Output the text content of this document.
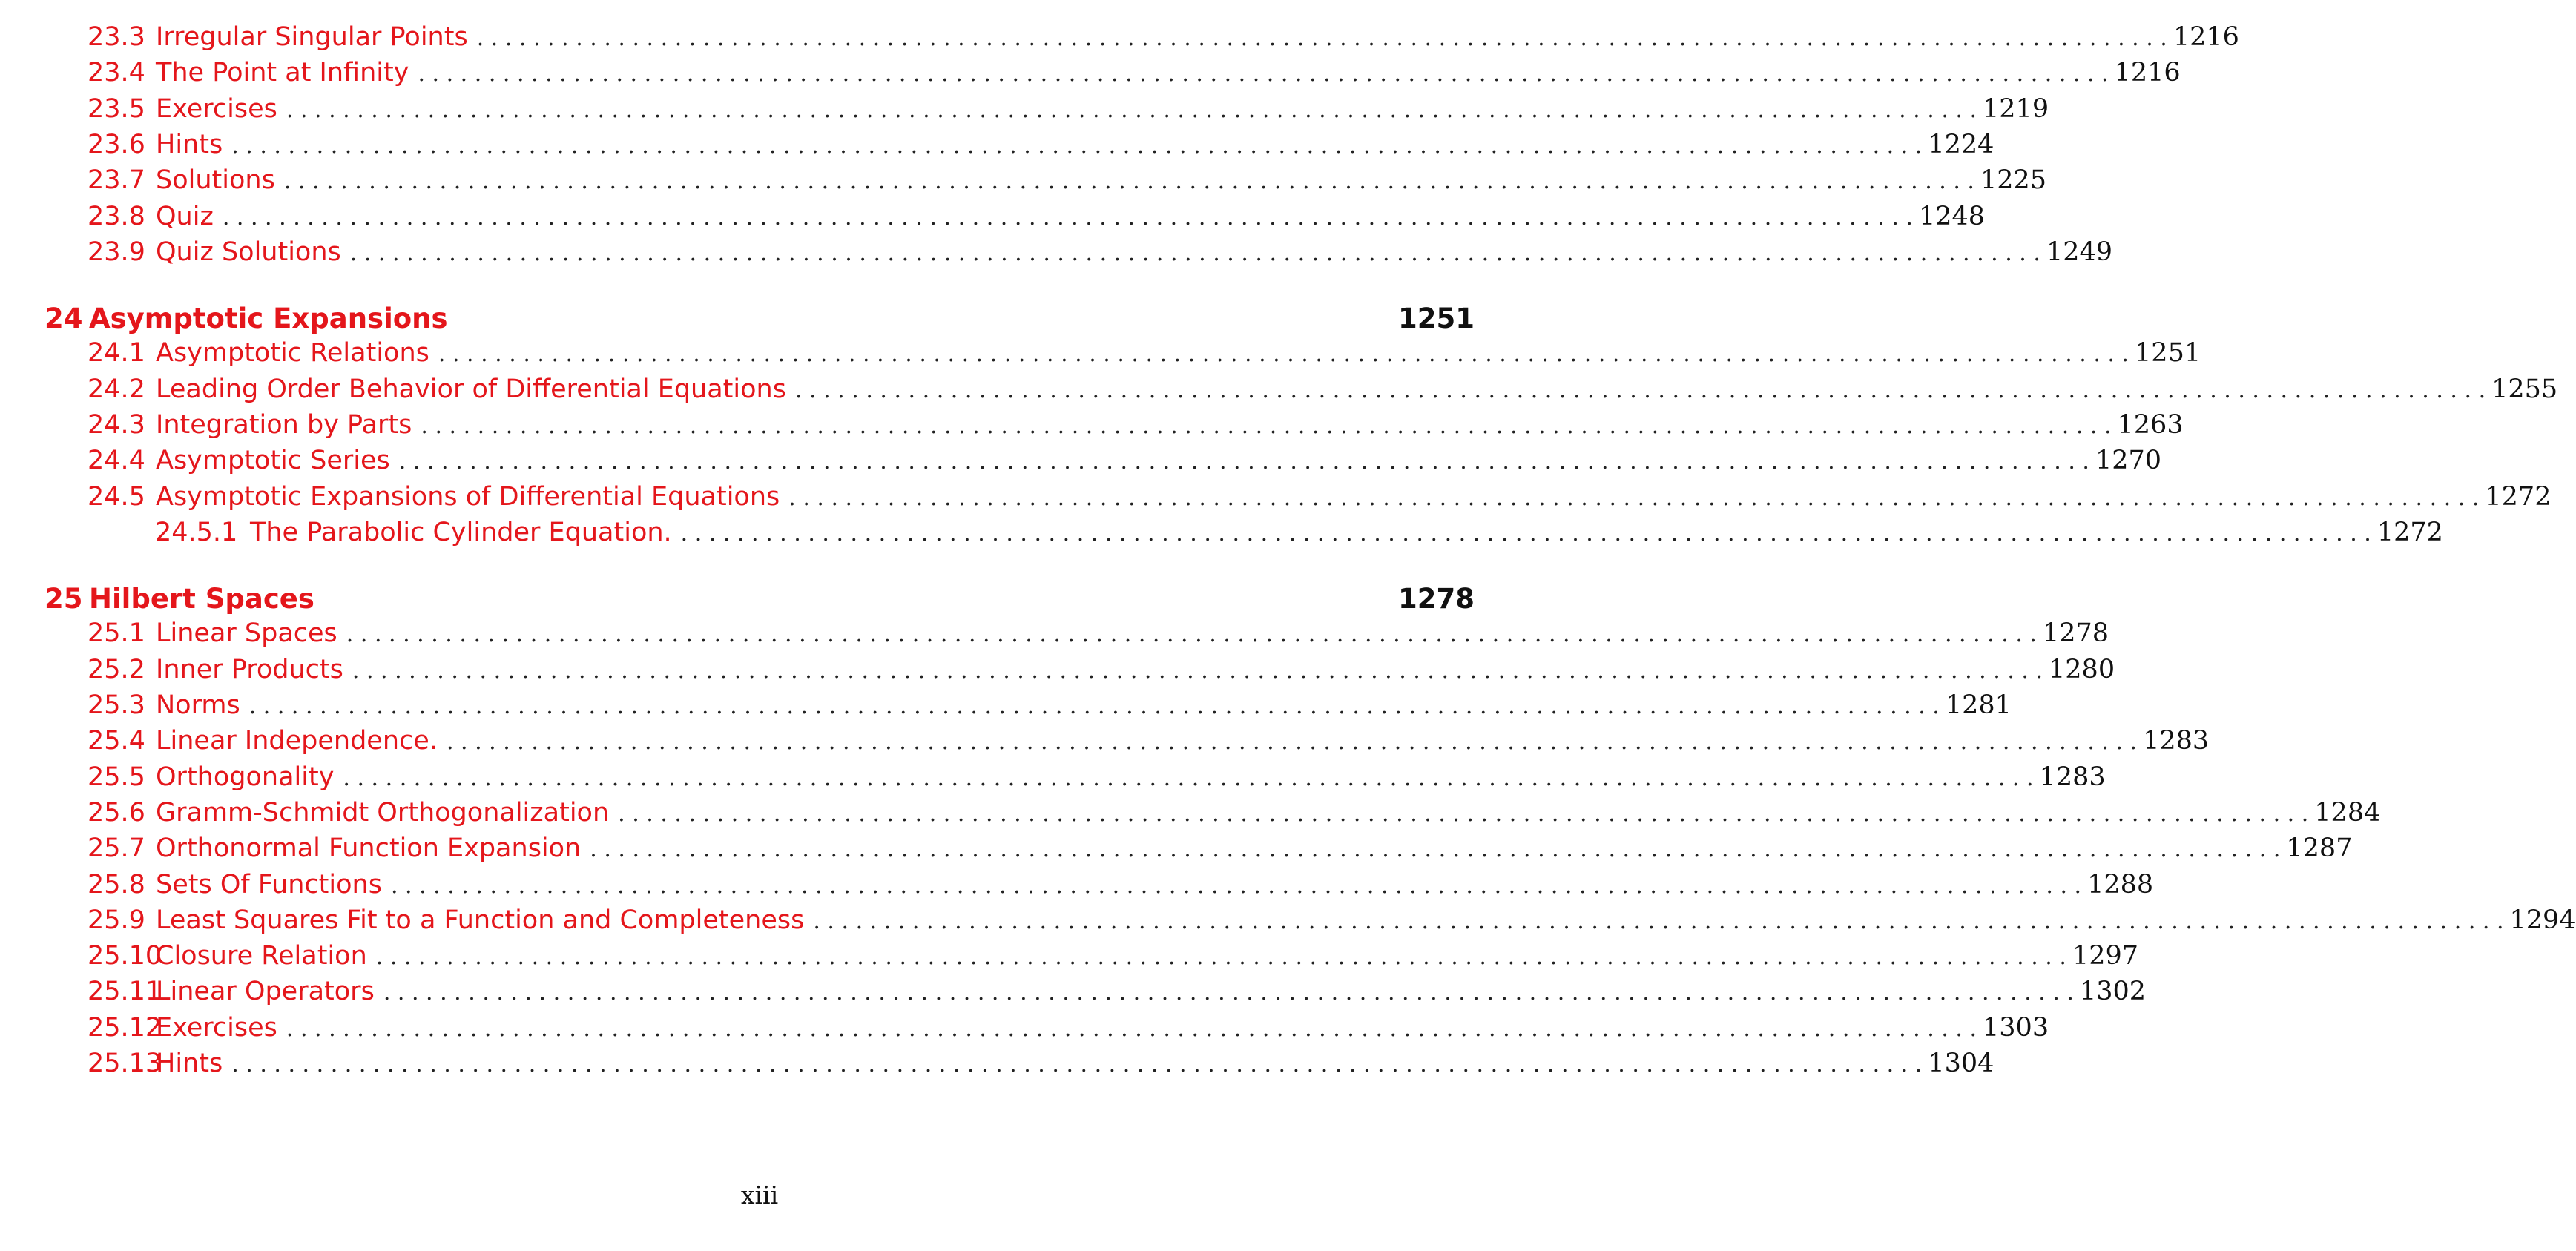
23.3 Irregular Singular Points . . . . . . . . . . . . . . . . . . . . . . . . . . . . . . . . . . . . . . . . . . . . . . . . . . . . . . . . . . . . . . . . . . . . . . . . . . . . . . . . . . . . . . . . . . . . . . . . . . . . . . . . . . . . . . . . . . . . . . . . 1216
23.4 The Point at Infinity . . . . . . . . . . . . . . . . . . . . . . . . . . . . . . . . . . . . . . . . . . . . . . . . . . . . . . . . . . . . . . . . . . . . . . . . . . . . . . . . . . . . . . . . . . . . . . . . . . . . . . . . . . . . . . . . . . . . . . . . 1216
23.5 Exercises . . . . . . . . . . . . . . . . . . . . . . . . . . . . . . . . . . . . . . . . . . . . . . . . . . . . . . . . . . . . . . . . . . . . . . . . . . . . . . . . . . . . . . . . . . . . . . . . . . . . . . . . . . . . . . . . . . . . . . . . 1219
23.6 Hints . . . . . . . . . . . . . . . . . . . . . . . . . . . . . . . . . . . . . . . . . . . . . . . . . . . . . . . . . . . . . . . . . . . . . . . . . . . . . . . . . . . . . . . . . . . . . . . . . . . . . . . . . . . . . . . . . . . . . . . . 1224
23.7 Solutions . . . . . . . . . . . . . . . . . . . . . . . . . . . . . . . . . . . . . . . . . . . . . . . . . . . . . . . . . . . . . . . . . . . . . . . . . . . . . . . . . . . . . . . . . . . . . . . . . . . . . . . . . . . . . . . . . . . . . . . . 1225
23.8 Quiz . . . . . . . . . . . . . . . . . . . . . . . . . . . . . . . . . . . . . . . . . . . . . . . . . . . . . . . . . . . . . . . . . . . . . . . . . . . . . . . . . . . . . . . . . . . . . . . . . . . . . . . . . . . . . . . . . . . . . . . . 1248
23.9 Quiz Solutions . . . . . . . . . . . . . . . . . . . . . . . . . . . . . . . . . . . . . . . . . . . . . . . . . . . . . . . . . . . . . . . . . . . . . . . . . . . . . . . . . . . . . . . . . . . . . . . . . . . . . . . . . . . . . . . . . . . . . . . . 1249
24 Asymptotic Expansions	1251
24.1 Asymptotic Relations . . . . . . . . . . . . . . . . . . . . . . . . . . . . . . . . . . . . . . . . . . . . . . . . . . . . . . . . . . . . . . . . . . . . . . . . . . . . . . . . . . . . . . . . . . . . . . . . . . . . . . . . . . . . . . . . . . . . . . . . 1251
24.2 Leading Order Behavior of Differential Equations . . . . . . . . . . . . . . . . . . . . . . . . . . . . . . . . . . . . . . . . . . . . . . . . . . . . . . . . . . . . . . . . . . . . . . . . . . . . . . . . . . . . . . . . . . . . . . . . . . . . . . . . . . . . . . . . . . . . . . . . 1255
24.3 Integration by Parts . . . . . . . . . . . . . . . . . . . . . . . . . . . . . . . . . . . . . . . . . . . . . . . . . . . . . . . . . . . . . . . . . . . . . . . . . . . . . . . . . . . . . . . . . . . . . . . . . . . . . . . . . . . . . . . . . . . . . . . . 1263
24.4 Asymptotic Series . . . . . . . . . . . . . . . . . . . . . . . . . . . . . . . . . . . . . . . . . . . . . . . . . . . . . . . . . . . . . . . . . . . . . . . . . . . . . . . . . . . . . . . . . . . . . . . . . . . . . . . . . . . . . . . . . . . . . . . . 1270
24.5 Asymptotic Expansions of Differential Equations . . . . . . . . . . . . . . . . . . . . . . . . . . . . . . . . . . . . . . . . . . . . . . . . . . . . . . . . . . . . . . . . . . . . . . . . . . . . . . . . . . . . . . . . . . . . . . . . . . . . . . . . . . . . . . . . . . . . . . . . 1272
24.5.1 The Parabolic Cylinder Equation. . . . . . . . . . . . . . . . . . . . . . . . . . . . . . . . . . . . . . . . . . . . . . . . . . . . . . . . . . . . . . . . . . . . . . . . . . . . . . . . . . . . . . . . . . . . . . . . . . . . . . . . . . . . . . . . . . . . . . . . . 1272
25 Hilbert Spaces	1278
25.1 Linear Spaces . . . . . . . . . . . . . . . . . . . . . . . . . . . . . . . . . . . . . . . . . . . . . . . . . . . . . . . . . . . . . . . . . . . . . . . . . . . . . . . . . . . . . . . . . . . . . . . . . . . . . . . . . . . . . . . . . . . . . . . . 1278
25.2 Inner Products . . . . . . . . . . . . . . . . . . . . . . . . . . . . . . . . . . . . . . . . . . . . . . . . . . . . . . . . . . . . . . . . . . . . . . . . . . . . . . . . . . . . . . . . . . . . . . . . . . . . . . . . . . . . . . . . . . . . . . . . 1280
25.3 Norms . . . . . . . . . . . . . . . . . . . . . . . . . . . . . . . . . . . . . . . . . . . . . . . . . . . . . . . . . . . . . . . . . . . . . . . . . . . . . . . . . . . . . . . . . . . . . . . . . . . . . . . . . . . . . . . . . . . . . . . . 1281
25.4 Linear Independence. . . . . . . . . . . . . . . . . . . . . . . . . . . . . . . . . . . . . . . . . . . . . . . . . . . . . . . . . . . . . . . . . . . . . . . . . . . . . . . . . . . . . . . . . . . . . . . . . . . . . . . . . . . . . . . . . . . . . . . . . 1283
25.5 Orthogonality . . . . . . . . . . . . . . . . . . . . . . . . . . . . . . . . . . . . . . . . . . . . . . . . . . . . . . . . . . . . . . . . . . . . . . . . . . . . . . . . . . . . . . . . . . . . . . . . . . . . . . . . . . . . . . . . . . . . . . . . 1283
25.6 Gramm-Schmidt Orthogonalization . . . . . . . . . . . . . . . . . . . . . . . . . . . . . . . . . . . . . . . . . . . . . . . . . . . . . . . . . . . . . . . . . . . . . . . . . . . . . . . . . . . . . . . . . . . . . . . . . . . . . . . . . . . . . . . . . . . . . . . . 1284
25.7 Orthonormal Function Expansion . . . . . . . . . . . . . . . . . . . . . . . . . . . . . . . . . . . . . . . . . . . . . . . . . . . . . . . . . . . . . . . . . . . . . . . . . . . . . . . . . . . . . . . . . . . . . . . . . . . . . . . . . . . . . . . . . . . . . . . . 1287
25.8 Sets Of Functions . . . . . . . . . . . . . . . . . . . . . . . . . . . . . . . . . . . . . . . . . . . . . . . . . . . . . . . . . . . . . . . . . . . . . . . . . . . . . . . . . . . . . . . . . . . . . . . . . . . . . . . . . . . . . . . . . . . . . . . . 1288
25.9 Least Squares Fit to a Function and Completeness . . . . . . . . . . . . . . . . . . . . . . . . . . . . . . . . . . . . . . . . . . . . . . . . . . . . . . . . . . . . . . . . . . . . . . . . . . . . . . . . . . . . . . . . . . . . . . . . . . . . . . . . . . . . . . . . . . . . . . . . 1294
25.10
Closure Relation . . . . . . . . . . . . . . . . . . . . . . . . . . . . . . . . . . . . . . . . . . . . . . . . . . . . . . . . . . . . . . . . . . . . . . . . . . . . . . . . . . . . . . . . . . . . . . . . . . . . . . . . . . . . . . . . . . . . . . . . 1297
25.11
Linear Operators . . . . . . . . . . . . . . . . . . . . . . . . . . . . . . . . . . . . . . . . . . . . . . . . . . . . . . . . . . . . . . . . . . . . . . . . . . . . . . . . . . . . . . . . . . . . . . . . . . . . . . . . . . . . . . . . . . . . . . . . 1302
25.12
Exercises . . . . . . . . . . . . . . . . . . . . . . . . . . . . . . . . . . . . . . . . . . . . . . . . . . . . . . . . . . . . . . . . . . . . . . . . . . . . . . . . . . . . . . . . . . . . . . . . . . . . . . . . . . . . . . . . . . . . . . . . 1303
25.13
Hints . . . . . . . . . . . . . . . . . . . . . . . . . . . . . . . . . . . . . . . . . . . . . . . . . . . . . . . . . . . . . . . . . . . . . . . . . . . . . . . . . . . . . . . . . . . . . . . . . . . . . . . . . . . . . . . . . . . . . . . . 1304
xiii
